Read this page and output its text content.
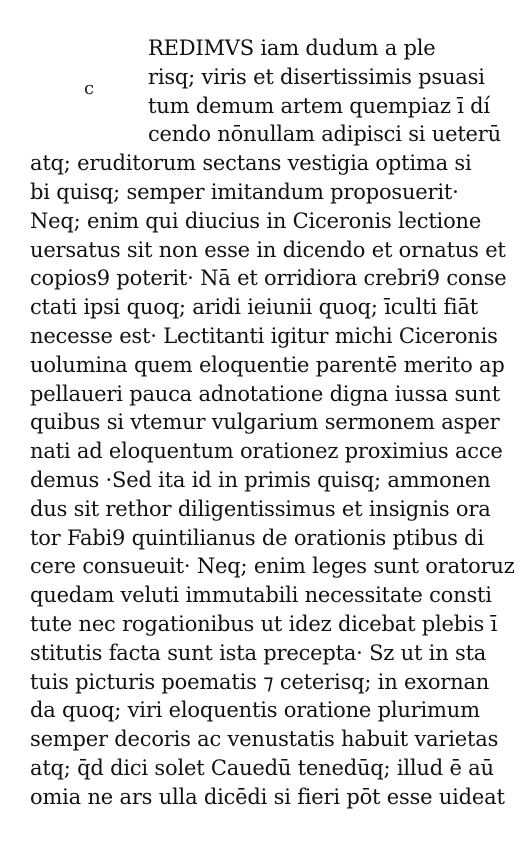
c
REDIMVS iam dudum a ple
risq; viris et disertissimis psuasi
tum demum artem quempiaz ī dí
cendo nōnullam adipisci si ueterū
atq; eruditorum sectans vestigia optima si
bi quisq; semper imitandum proposuerit·
Neq; enim qui diucius in Ciceronis lectione
uersatus sit non esse in dicendo et ornatus et
copios9 poterit· Nā et orridiora crebri9 conse
ctati ipsi quoq; aridi ieiunii quoq; īculti fiāt
necesse est· Lectitanti igitur michi Ciceronis
uolumina quem eloquentie parentē merito ap
pellaueri pauca adnotatione digna iussa sunt
quibus si vtemur vulgarium sermonem asper
nati ad eloquentum orationez proximius acce
demus ·Sed ita id in primis quisq; ammonen
dus sit rethor diligentissimus et insignis ora
tor Fabi9 quintilianus de orationis ptibus di
cere consueuit· Neq; enim leges sunt oratoruz
quedam veluti immutabili necessitate consti
tute nec rogationibus ut idez dicebat plebis ī
stitutis facta sunt ista precepta· Sz ut in sta
tuis picturis poematis ⁊ ceterisq; in exornan
da quoq; viri eloquentis oratione plurimum
semper decoris ac venustatis habuit varietas
atq; q̄d dici solet Cauedū tenedūq; illud ē aū
omia ne ars ulla dicēdi si fieri pōt esse uideat
